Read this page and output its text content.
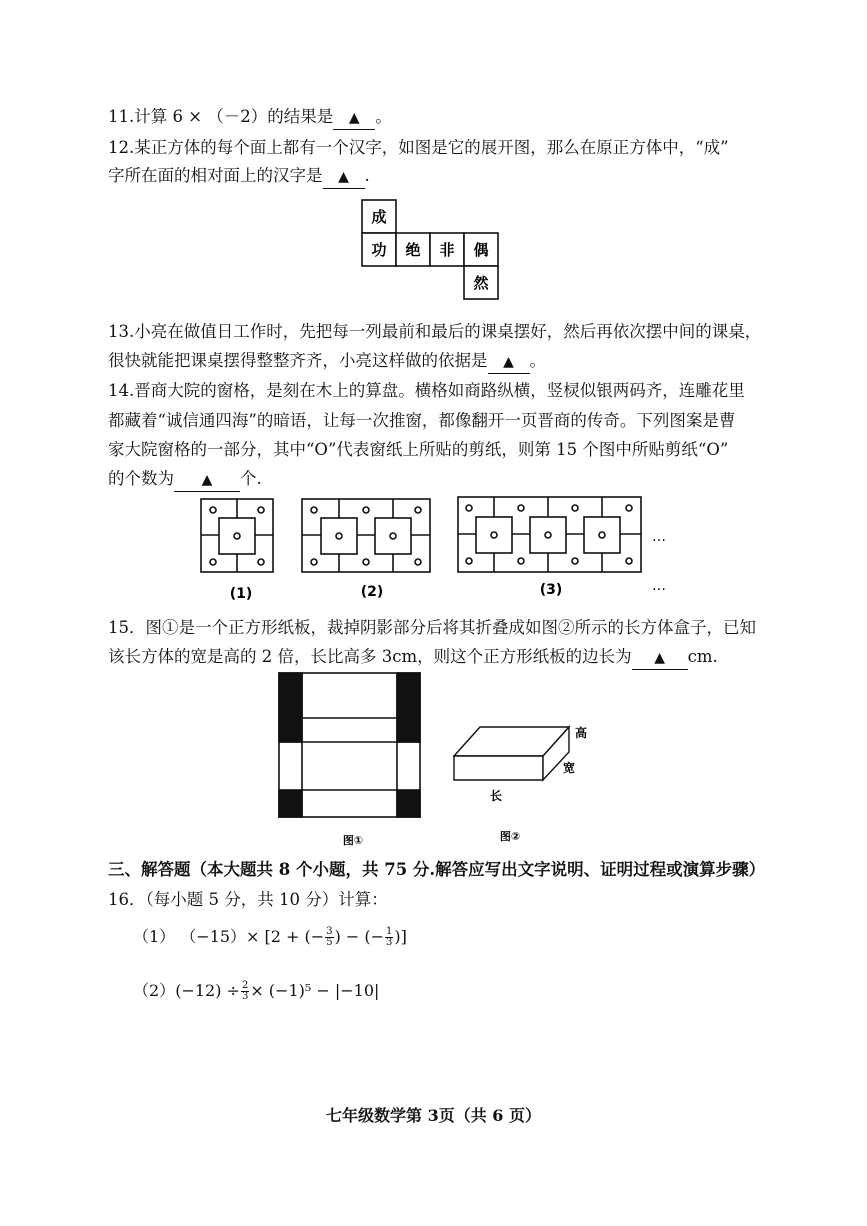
11.计算 6 × （－2）的结果是 ▲ 。
12.某正方体的每个面上都有一个汉字，如图是它的展开图，那么在原正方体中，“成”
字所在面的相对面上的汉字是 ▲ .
成
功 绝 非 偶
然
13.小亮在做值日工作时，先把每一列最前和最后的课桌摆好，然后再依次摆中间的课桌，
很快就能把课桌摆得整整齐齐，小亮这样做的依据是 ▲ 。
14.晋商大院的窗格，是刻在木上的算盘。横格如商路纵横，竖棂似银两码齐，连雕花里
都藏着“诚信通四海”的暗语，让每一次推窗，都像翻开一页晋商的传奇。下列图案是曹
家大院窗格的一部分，其中“O”代表窗纸上所贴的剪纸，则第 15 个图中所贴剪纸“O”
的个数为 ▲ 个.
…
…
(1)	(2)	(3)
15．图①是一个正方形纸板，裁掉阴影部分后将其折叠成如图②所示的长方体盒子，已知
该长方体的宽是高的 2 倍，长比高多 3cm，则这个正方形纸板的边长为 ▲ cm.
图①
高
宽
长
图②
三、解答题（本大题共 8 个小题，共 75 分.解答应写出文字说明、证明过程或演算步骤）
16．（每小题 5 分，共 10 分）计算：
（1） （−15）× [2 + (− $\frac{3}{5}$ ) − (− $\frac{1}{3}$ )]
$(2)(-12) \div \frac{2}{3} \times (-1)^5 - |-10|$
七年级数学第 3页（共 6 页）
